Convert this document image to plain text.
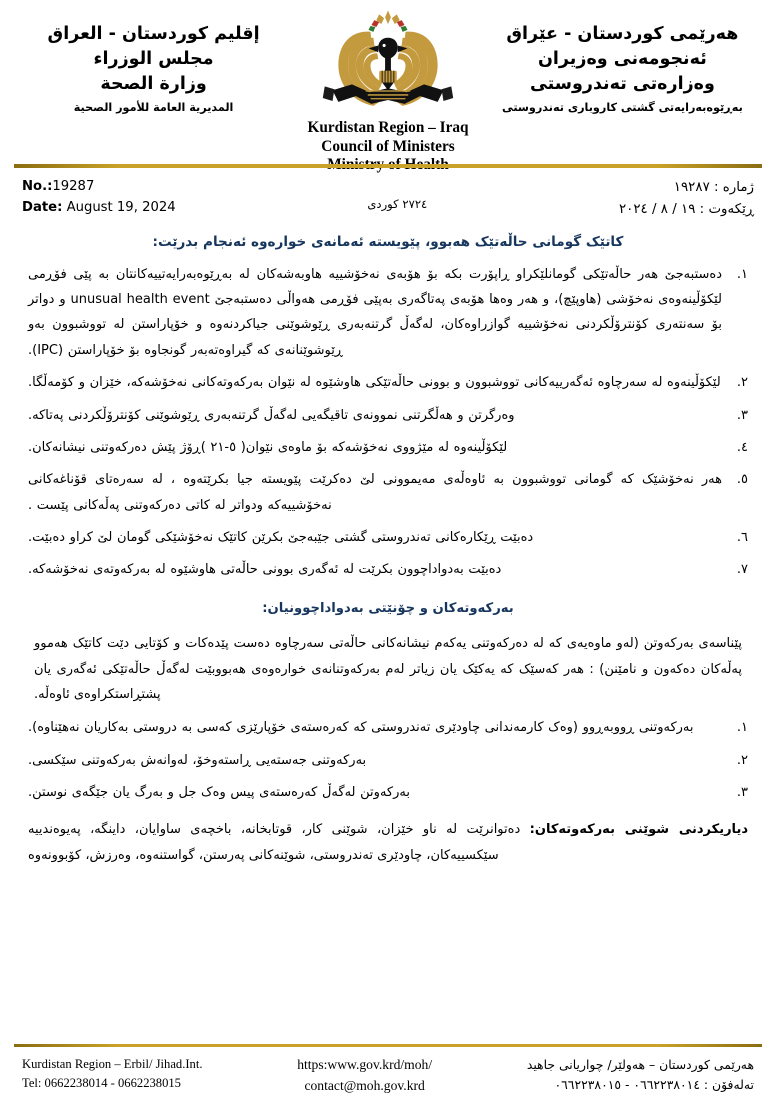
هەرێمی کوردستان - عێراق
ئەنجومەنی وەزیران
وەزارەتی تەندروستی
بەڕێوەبەرایەتی گشتی کاروباری تەندروستی
Kurdistan Region – Iraq
Council of Ministers
إقليم كوردستان - العراق
مجلس الوزراء
وزارة الصحة
المديرية العامة للأمور الصحية
No.:19287
Date: August 19, 2024	٢٧٢٤ کوردی
ژماره : ١٩٢٨٧
ڕێکەوت : ١٩ / ٨ / ٢٠٢٤
کاتێک گومانی حاڵەتێک هەبوو، پێویسته ئەمانەی خوارەوە ئەنجام بدرێت:
١.
دەستبەجێ هەر حاڵەتێکی گومانلێکراو ڕاپۆرت بکه بۆ هۆبەی نەخۆشییه هاوبەشەکان له بەڕێوەبەرایەتییەکانتان به پێی فۆڕمی لێکۆڵینەوەی نەخۆشی (هاوپێچ)، و هەر وەها هۆبەی پەتاگەری بەپێی فۆڕمی هەواڵی دەستبەجێ unusual health event و دواتر بۆ سەنتەری کۆنترۆڵکردنی نەخۆشییه گوازراوەکان، لەگەڵ گرتنەبەری ڕێوشوێنی جیاکردنەوە و خۆپاراستن له تووشبوون بەو ڕێوشوێنانەی که گیراوەتەبەر گونجاوه بۆ خۆپاراستن (IPC).
٢.
لێکۆڵینەوە له سەرچاوه ئەگەرییەکانی تووشبوون و بوونی حاڵەتێکی هاوشێوه له نێوان بەرکەوتەکانی نەخۆشەکه، خێزان و کۆمەڵگا.
٣.
وەرگرتن و هەڵگرتنی نموونەی تاقیگەیی لەگەڵ گرتنەبەری ڕێوشوێنی کۆنترۆڵکردنی پەتاکه.
٤.
لێکۆڵینەوە له مێژووی نەخۆشەکه بۆ ماوەی نێوان( ٥-٢١ )ڕۆژ پێش دەرکەوتنی نیشانەکان.
٥.
هەر نەخۆشێک که گومانی تووشبوون به ئاوەڵەی مەیموونی لێ دەکرێت پێویسته جیا بکرێتەوە ، له سەرەتای قۆناغەکانی نەخۆشییەکه ودواتر له کاتی دەرکەوتنی پەڵەکانی پێست .
٦.
دەبێت ڕێکارەکانی تەندروستی گشتی جێبەجێ بکرێن کاتێک نەخۆشێکی گومان لێ کراو دەبێت.
٧.
دەبێت بەدواداچوون بکرێت له ئەگەری بوونی حاڵەتی هاوشێوە له بەرکەوتەی نەخۆشەکه.
بەرکەوتەکان و چۆنێتی بەدواداچوونیان:
پێناسەی بەرکەوتن (لەو ماوەیەی که له دەرکەوتنی یەکەم نیشانەکانی حاڵەتی سەرچاوه دەست پێدەکات و کۆتایی دێت کاتێک هەموو پەڵەکان دەکەون و نامێنن) : هەر کەسێک که یەکێک یان زیاتر لەم بەرکەوتنانەی خوارەوەی هەبووبێت لەگەڵ حاڵەتێکی ئەگەری یان پشتڕاستکراوەی ئاوەڵە.
١.
بەرکەوتنی ڕووبەڕوو (وەک کارمەندانی چاودێری تەندروستی که کەرەستەی خۆپارێزی کەسی به دروستی بەکاریان نەهێناوه).
٢.
بەرکەوتنی جەستەیی ڕاستەوخۆ، لەوانەش بەرکەوتنی سێکسی.
٣.
بەرکەوتن لەگەڵ کەرەستەی پیس وەک جل و بەرگ یان جێگەی نوستن.
دیاریکردنی شوێنی بەرکەوتەکان: دەتوانرێت له ناو خێزان، شوێنی کار، قوتابخانه، باخچەی ساوایان، داینگە، پەیوەندییه سێکسییەکان، چاودێری تەندروستی، شوێنەکانی پەرستن، گواستنەوە، وەرزش، کۆبوونەوە
Kurdistan Region – Erbil/ Jihad.Int.
Tel: 0662238014 - 0662238015
https:www.gov.krd/moh/
contact@moh.gov.krd
هەرێمی کوردستان – هەولێر/ چواریانی جاهید
تەلەفۆن : ٠٦٦٢٢٣٨٠١٤ - ٠٦٦٢٢٣٨٠١٥
